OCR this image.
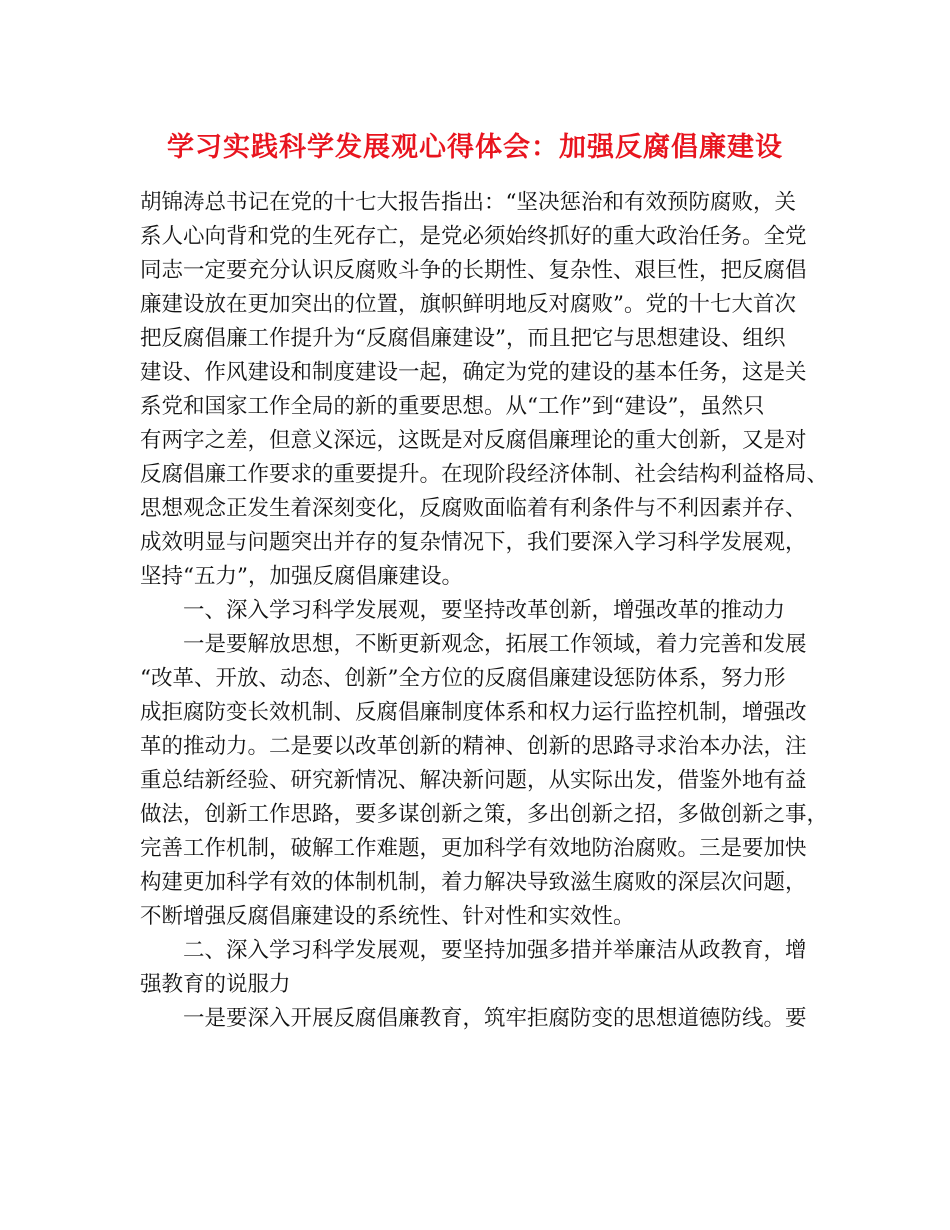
学习实践科学发展观心得体会：加强反腐倡廉建设
胡锦涛总书记在党的十七大报告指出：“坚决惩治和有效预防腐败，关
系人心向背和党的生死存亡，是党必须始终抓好的重大政治任务。全党
同志一定要充分认识反腐败斗争的长期性、复杂性、艰巨性，把反腐倡
廉建设放在更加突出的位置，旗帜鲜明地反对腐败”。党的十七大首次
把反腐倡廉工作提升为“反腐倡廉建设”，而且把它与思想建设、组织
建设、作风建设和制度建设一起，确定为党的建设的基本任务，这是关
系党和国家工作全局的新的重要思想。从“工作”到“建设”，虽然只
有两字之差，但意义深远，这既是对反腐倡廉理论的重大创新，又是对
反腐倡廉工作要求的重要提升。在现阶段经济体制、社会结构利益格局、
思想观念正发生着深刻变化，反腐败面临着有利条件与不利因素并存、
成效明显与问题突出并存的复杂情况下，我们要深入学习科学发展观，
坚持“五力”，加强反腐倡廉建设。
一、深入学习科学发展观，要坚持改革创新，增强改革的推动力
一是要解放思想，不断更新观念，拓展工作领域，着力完善和发展
“改革、开放、动态、创新”全方位的反腐倡廉建设惩防体系，努力形
成拒腐防变长效机制、反腐倡廉制度体系和权力运行监控机制，增强改
革的推动力。二是要以改革创新的精神、创新的思路寻求治本办法，注
重总结新经验、研究新情况、解决新问题，从实际出发，借鉴外地有益
做法，创新工作思路，要多谋创新之策，多出创新之招，多做创新之事，
完善工作机制，破解工作难题，更加科学有效地防治腐败。三是要加快
构建更加科学有效的体制机制，着力解决导致滋生腐败的深层次问题，
不断增强反腐倡廉建设的系统性、针对性和实效性。
二、深入学习科学发展观，要坚持加强多措并举廉洁从政教育，增
强教育的说服力
一是要深入开展反腐倡廉教育，筑牢拒腐防变的思想道德防线。要
